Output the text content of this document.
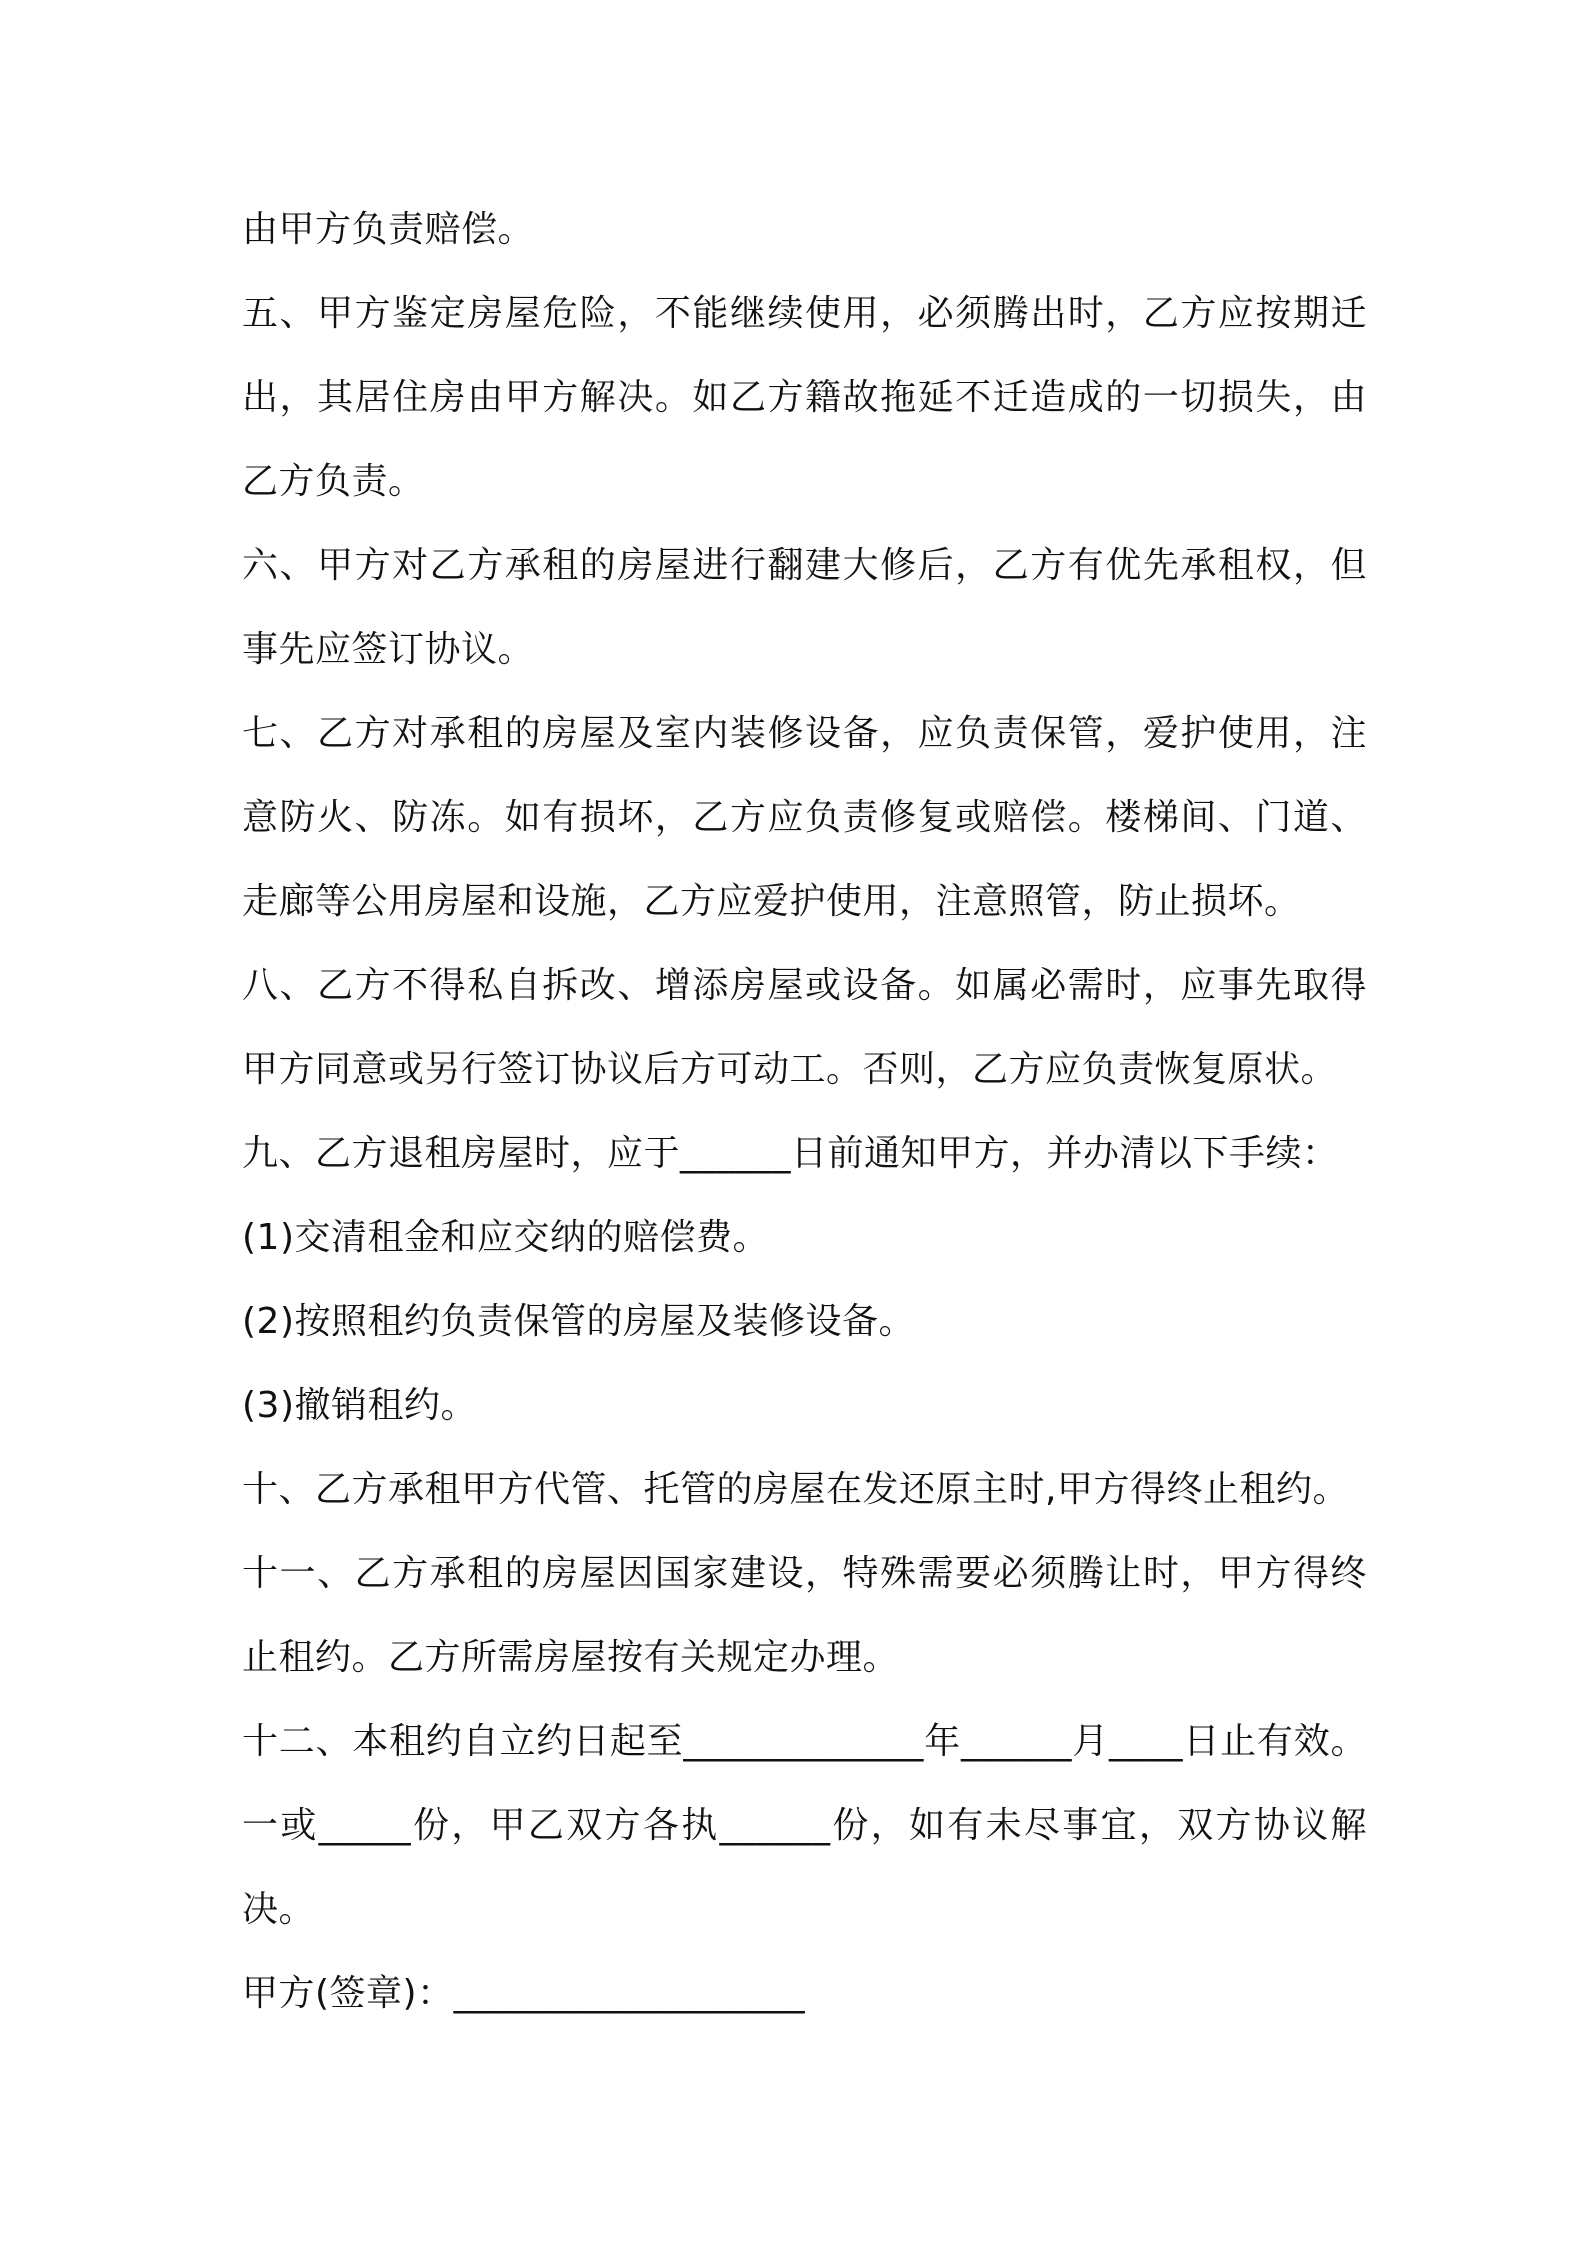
由甲方负责赔偿。

五、甲方鉴定房屋危险，不能继续使用，必须腾出时，乙方应按期迁出，其居住房由甲方解决。如乙方籍故拖延不迁造成的一切损失，由乙方负责。

六、甲方对乙方承租的房屋进行翻建大修后，乙方有优先承租权，但事先应签订协议。

七、乙方对承租的房屋及室内装修设备，应负责保管，爱护使用，注意防火、防冻。如有损坏，乙方应负责修复或赔偿。楼梯间、门道、走廊等公用房屋和设施，乙方应爱护使用，注意照管，防止损坏。

八、乙方不得私自拆改、增添房屋或设备。如属必需时，应事先取得甲方同意或另行签订协议后方可动工。否则，乙方应负责恢复原状。

九、乙方退租房屋时，应于______日前通知甲方，并办清以下手续：

(1)交清租金和应交纳的赔偿费。

(2)按照租约负责保管的房屋及装修设备。

(3)撤销租约。

十、乙方承租甲方代管、托管的房屋在发还原主时,甲方得终止租约。

十一、乙方承租的房屋因国家建设，特殊需要必须腾让时，甲方得终止租约。乙方所需房屋按有关规定办理。

十二、本租约自立约日起至_____________年______月____日止有效。一或_____份，甲乙双方各执______份，如有未尽事宜，双方协议解决。

甲方(签章)：___________________
